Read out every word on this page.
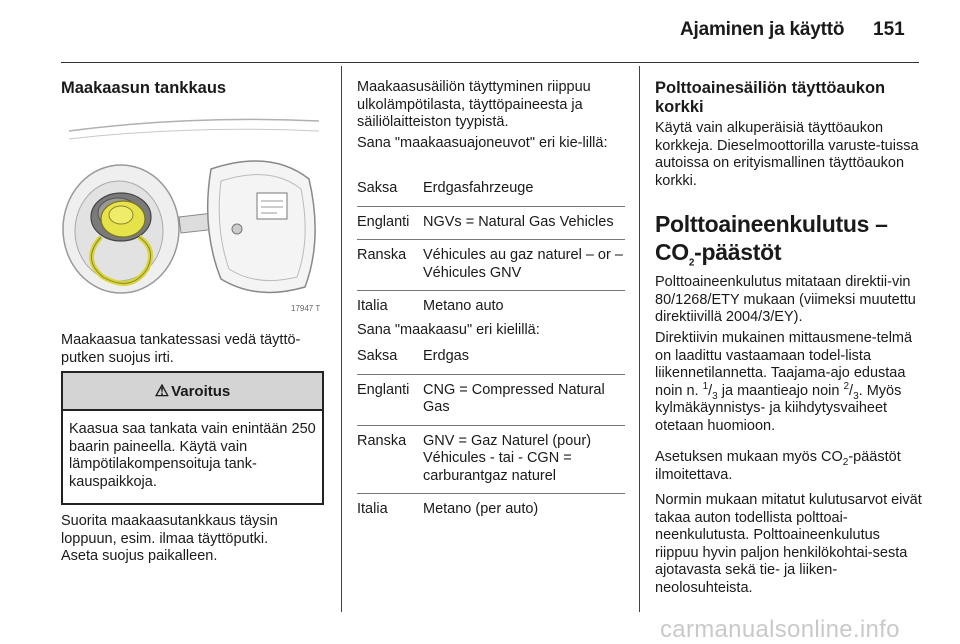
Ajaminen ja käyttö 151
Maakaasun tankkaus
17947 T
Maakaasua tankatessasi vedä täyttö-putken suojus irti.
⚠ Varoitus
Kaasua saa tankata vain enintään 250 baarin paineella. Käytä vain lämpötilakompensoituja tank-kauspaikkoja.
Suorita maakaasutankkaus täysin loppuun, esim. ilmaa täyttöputki.
Aseta suojus paikalleen.
Maakaasusäiliön täyttyminen riippuu ulkolämpötilasta, täyttöpaineesta ja säiliölaitteiston tyypistä.
Sana "maakaasuajoneuvot" eri kie-lillä:
Saksa	Erdgasfahrzeuge
Englanti	NGVs = Natural Gas Vehicles
Ranska	Véhicules au gaz naturel – or – Véhicules GNV
Italia	Metano auto
Sana "maakaasu" eri kielillä:
Saksa	Erdgas
Englanti	CNG = Compressed Natural Gas
Ranska	GNV = Gaz Naturel (pour) Véhicules - tai - CGN = carburantgaz naturel
Italia	Metano (per auto)
Polttoainesäiliön täyttöaukon korkki
Käytä vain alkuperäisiä täyttöaukon korkkeja. Dieselmoottorilla varuste-tuissa autoissa on erityismallinen täyttöaukon korkki.
Polttoaineenkulutus –
$CO_2$-päästöt
Polttoaineenkulutus mitataan direktii-vin 80/1268/ETY mukaan (viimeksi muutettu direktiivillä 2004/3/EY).
Direktiivin mukainen mittausmene-telmä on laadittu vastaamaan todel-lista liikennetilannetta. Taajama-ajo edustaa noin n. $^1/_3$ ja maantieajo noin $^2/_3$. Myös kylmäkäynnistys- ja kiihdytysvaiheet otetaan huomioon.
Asetuksen mukaan myös $CO_2$-päästöt ilmoitettava.
Normin mukaan mitatut kulutusarvot eivät takaa auton todellista polttoai-neenkulutusta. Polttoaineenkulutus riippuu hyvin paljon henkilökohtai-sesta ajotavasta sekä tie- ja liiken-neolosuhteista.
carmanualsonline.info
